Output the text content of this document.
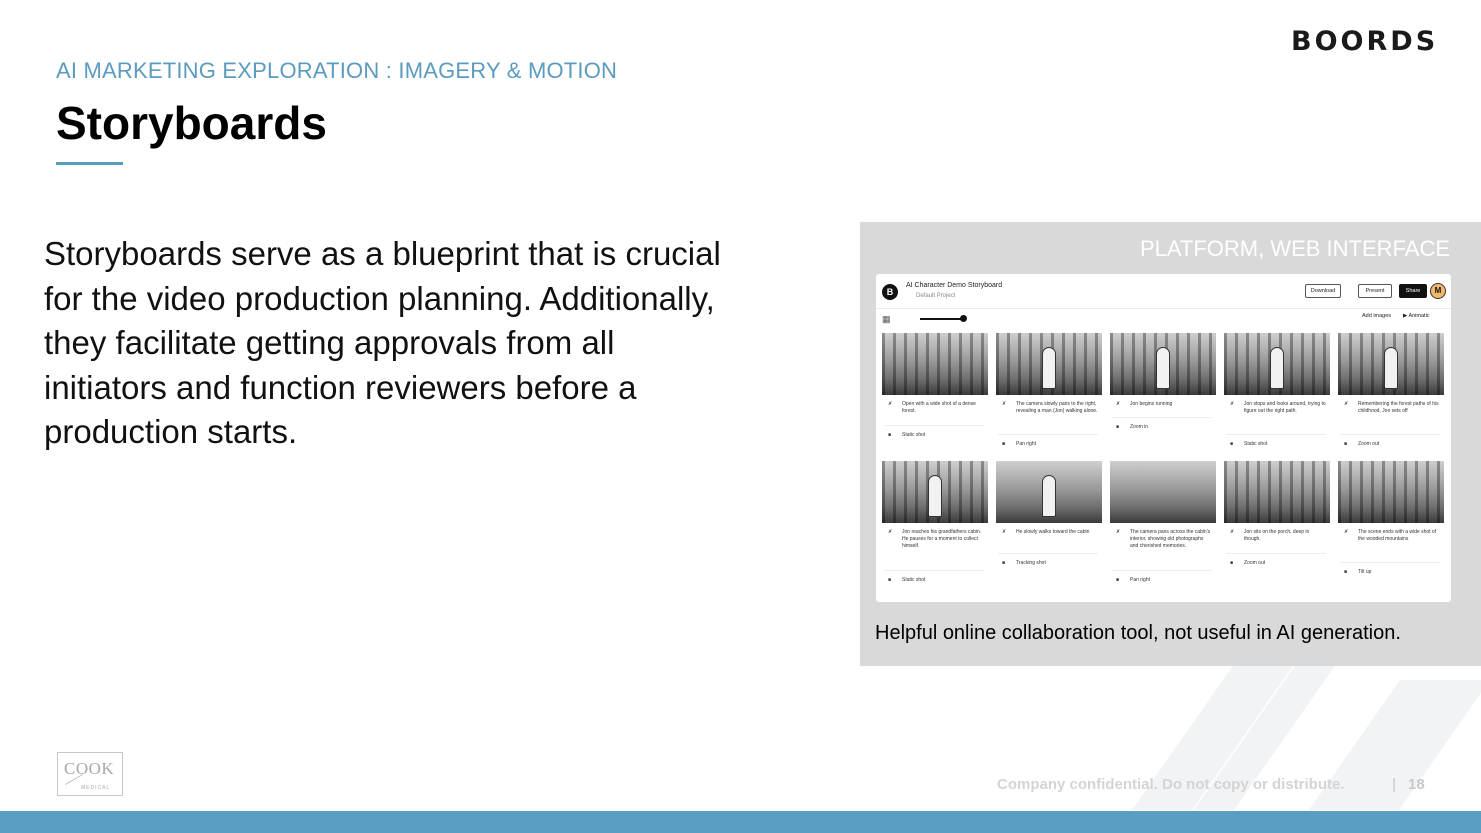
AI MARKETING EXPLORATION : IMAGERY & MOTION
Storyboards
BOORDS
Storyboards serve as a blueprint that is crucial for the video production planning. Additionally, they facilitate getting approvals from all initiators and function reviewers before a production starts.
PLATFORM, WEB INTERFACE
B
AI Character Demo Storyboard
Default Project
Download	Present	Share	M
▦	Add images ▶ Animatic
✗ Open with a wide shot of a dense forest.
■ Static shot
✗ The camera slowly pans to the right, revealing a man (Jon) walking alone.
■ Pan right
✗ Jon begins running
■ Zoom in
✗ Jon stops and looks around, trying to figure out the right path.
■ Static shot
✗ Remembering the forest paths of his childhood, Jon sets off
■ Zoom out
✗ Jon reaches his grandfathers cabin. He pauses for a moment to collect himself.
■ Static shot
✗ He slowly walks toward the cabin
■ Tracking shot
✗ The camera pans across the cabin's interior, showing old photographs and cherished memories.
■ Pan right
✗ Jon sits on the porch, deep in though.
■ Zoom out
✗ The scene ends with a wide shot of the wooded mountains
■ Tilt up
Helpful online collaboration tool, not useful in AI generation.
COOK
MEDICAL	Company confidential. Do not copy or distribute.	| 18
